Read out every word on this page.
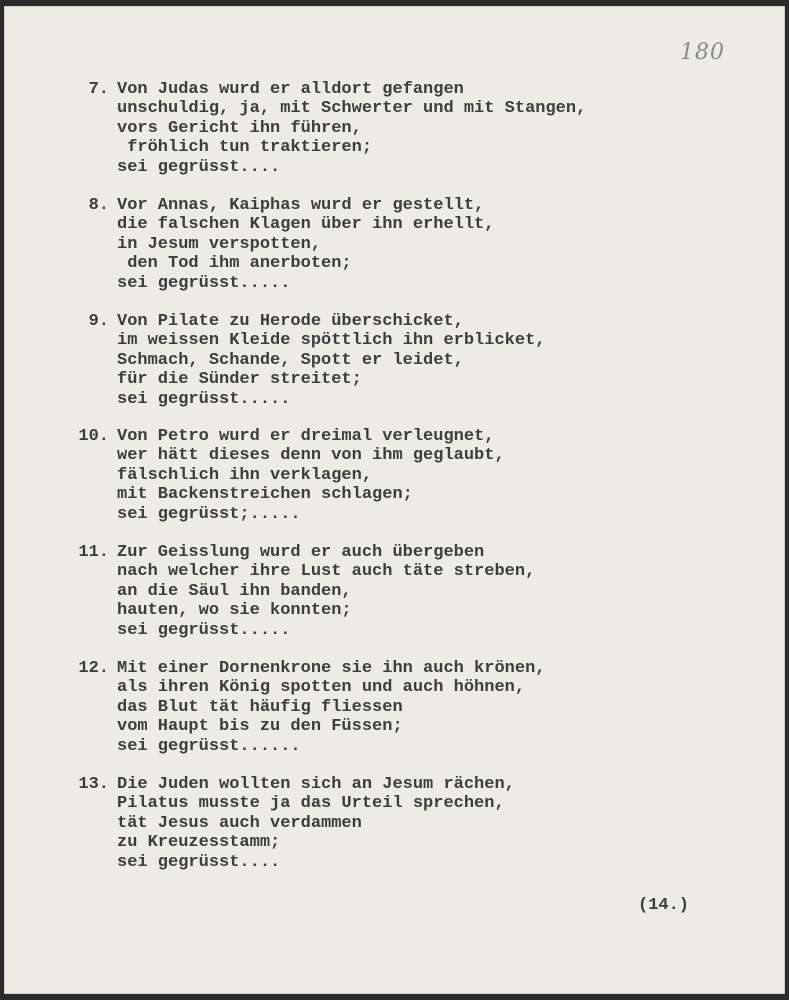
180
7. Von Judas wurd er alldort gefangen
unschuldig, ja, mit Schwerter und mit Stangen,
vors Gericht ihn führen,
fröhlich tun traktieren;
sei gegrüsst....
8. Vor Annas, Kaiphas wurd er gestellt,
die falschen Klagen über ihn erhellt,
in Jesum verspotten,
den Tod ihm anerboten;
sei gegrüsst.....
9. Von Pilate zu Herode überschicket,
im weissen Kleide spöttlich ihn erblicket,
Schmach, Schande, Spott er leidet,
für die Sünder streitet;
sei gegrüsst.....
10. Von Petro wurd er dreimal verleugnet,
wer hätt dieses denn von ihm geglaubt,
fälschlich ihn verklagen,
mit Backenstreichen schlagen;
sei gegrüsst;.....
11. Zur Geisslung wurd er auch übergeben
nach welcher ihre Lust auch täte streben,
an die Säul ihn banden,
hauten, wo sie konnten;
sei gegrüsst.....
12. Mit einer Dornenkrone sie ihn auch krönen,
als ihren König spotten und auch höhnen,
das Blut tät häufig fliessen
vom Haupt bis zu den Füssen;
sei gegrüsst......
13. Die Juden wollten sich an Jesum rächen,
Pilatus musste ja das Urteil sprechen,
tät Jesus auch verdammen
zu Kreuzesstamm;
sei gegrüsst....
(14.)
